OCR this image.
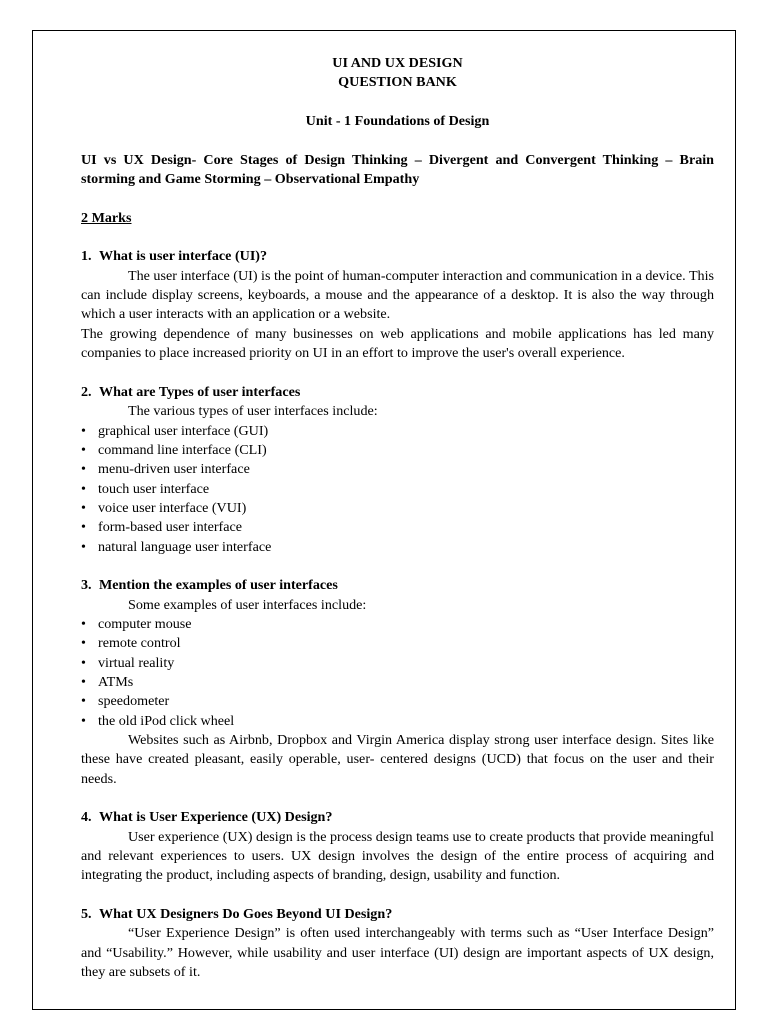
UI AND UX DESIGN
QUESTION BANK
Unit - 1 Foundations of Design
UI vs UX Design- Core Stages of Design Thinking – Divergent and Convergent Thinking – Brain storming and Game Storming – Observational Empathy
2 Marks
1. What is user interface (UI)?

The user interface (UI) is the point of human-computer interaction and communication in a device. This can include display screens, keyboards, a mouse and the appearance of a desktop. It is also the way through which a user interacts with an application or a website.

The growing dependence of many businesses on web applications and mobile applications has led many companies to place increased priority on UI in an effort to improve the user's overall experience.

2. What are Types of user interfaces
The various types of user interfaces include:
• graphical user interface (GUI)
• command line interface (CLI)
• menu-driven user interface
• touch user interface
• voice user interface (VUI)
• form-based user interface
• natural language user interface
3. Mention the examples of user interfaces
Some examples of user interfaces include:
• computer mouse
• remote control
• virtual reality
• ATMs
• speedometer
• the old iPod click wheel

Websites such as Airbnb, Dropbox and Virgin America display strong user interface design. Sites like these have created pleasant, easily operable, user- centered designs (UCD) that focus on the user and their needs.

4. What is User Experience (UX) Design?

User experience (UX) design is the process design teams use to create products that provide meaningful and relevant experiences to users. UX design involves the design of the entire process of acquiring and integrating the product, including aspects of branding, design, usability and function.

5. What UX Designers Do Goes Beyond UI Design?

“User Experience Design” is often used interchangeably with terms such as “User Interface Design” and “Usability.” However, while usability and user interface (UI) design are important aspects of UX design, they are subsets of it.
